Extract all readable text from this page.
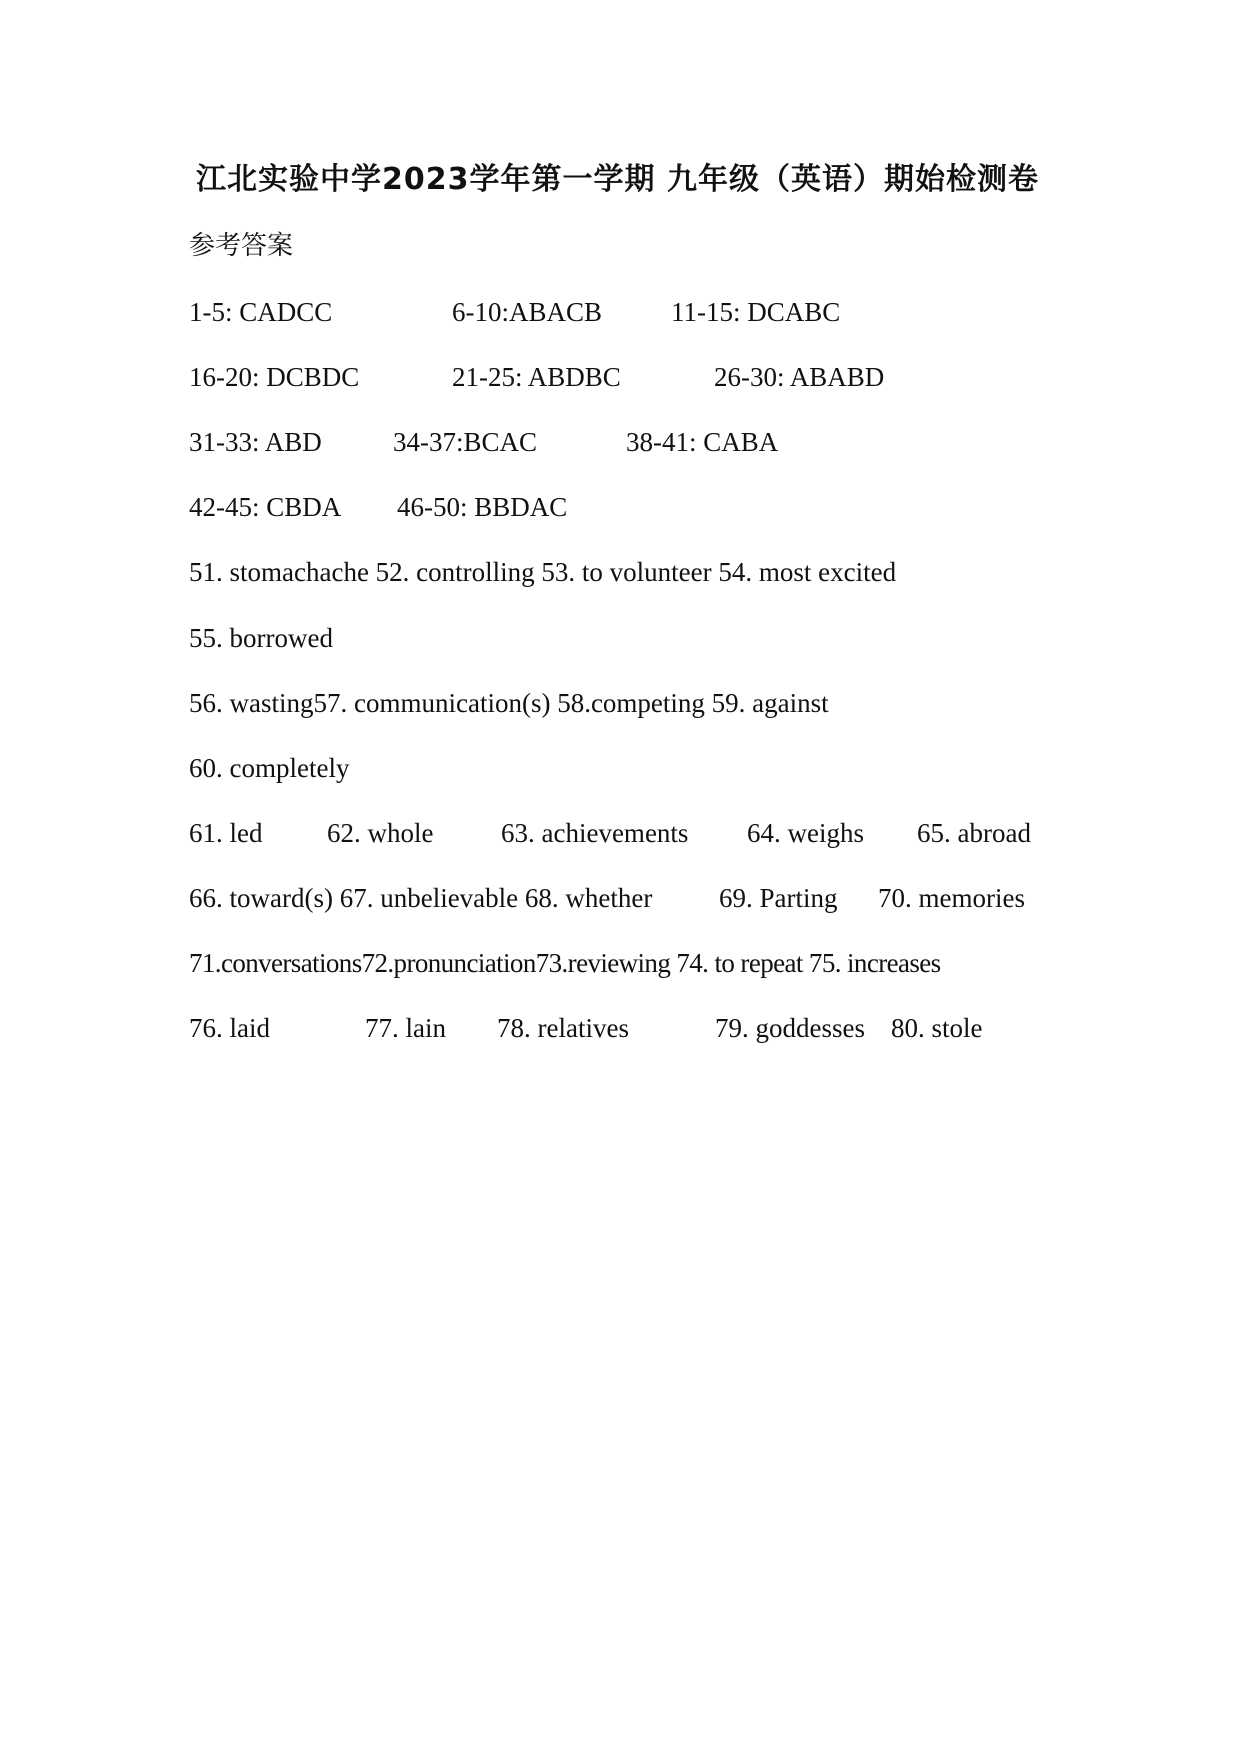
江北实验中学2023学年第一学期 九年级（英语）期始检测卷
参考答案
1-5: CADCC	6-10:ABACB	11-15: DCABC
16-20: DCBDC	21-25: ABDBC	26-30: ABABD
31-33: ABD	34-37:BCAC	38-41: CABA
42-45: CBDA 46-50: BBDAC
51. stomachache 52. controlling 53. to volunteer 54. most excited
55. borrowed
56. wasting57. communication(s) 58.competing 59. against
60. completely
61. led 62. whole	63. achievements 64. weighs 65. abroad
66. toward(s) 67. unbelievable 68. whether 69. Parting 70. memories
71.conversations72.pronunciation73.reviewing 74. to repeat 75. increases
76. laid	77. lain 78. relatives	79. goddesses 80. stole
